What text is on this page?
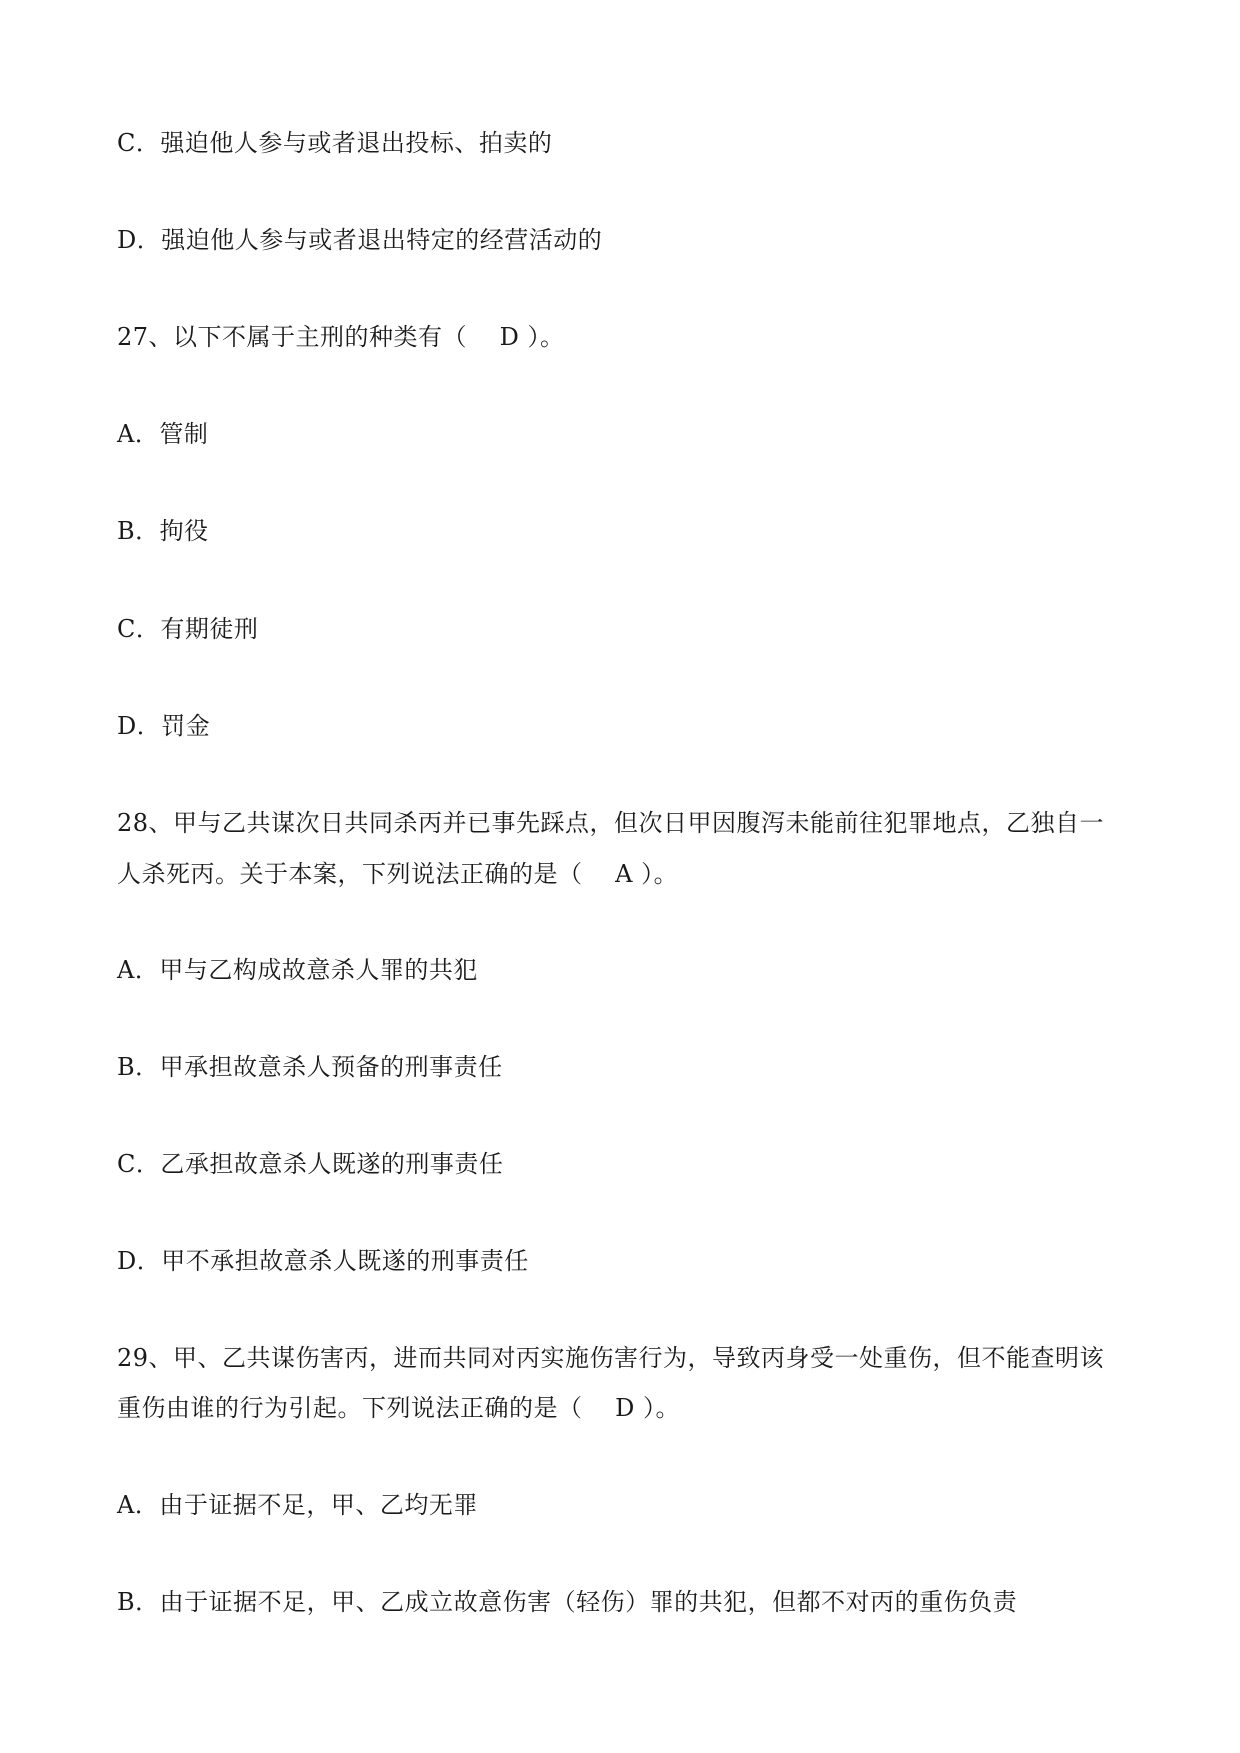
C．强迫他人参与或者退出投标、拍卖的
D．强迫他人参与或者退出特定的经营活动的
27、以下不属于主刑的种类有（　 D ）。
A．管制
B．拘役
C．有期徒刑
D．罚金
28、甲与乙共谋次日共同杀丙并已事先踩点，但次日甲因腹泻未能前往犯罪地点，乙独自一
人杀死丙。关于本案，下列说法正确的是（　 A ）。
A．甲与乙构成故意杀人罪的共犯
B．甲承担故意杀人预备的刑事责任
C．乙承担故意杀人既遂的刑事责任
D．甲不承担故意杀人既遂的刑事责任
29、甲、乙共谋伤害丙，进而共同对丙实施伤害行为，导致丙身受一处重伤，但不能查明该
重伤由谁的行为引起。下列说法正确的是（　 D ）。
A．由于证据不足，甲、乙均无罪
B．由于证据不足，甲、乙成立故意伤害（轻伤）罪的共犯，但都不对丙的重伤负责
